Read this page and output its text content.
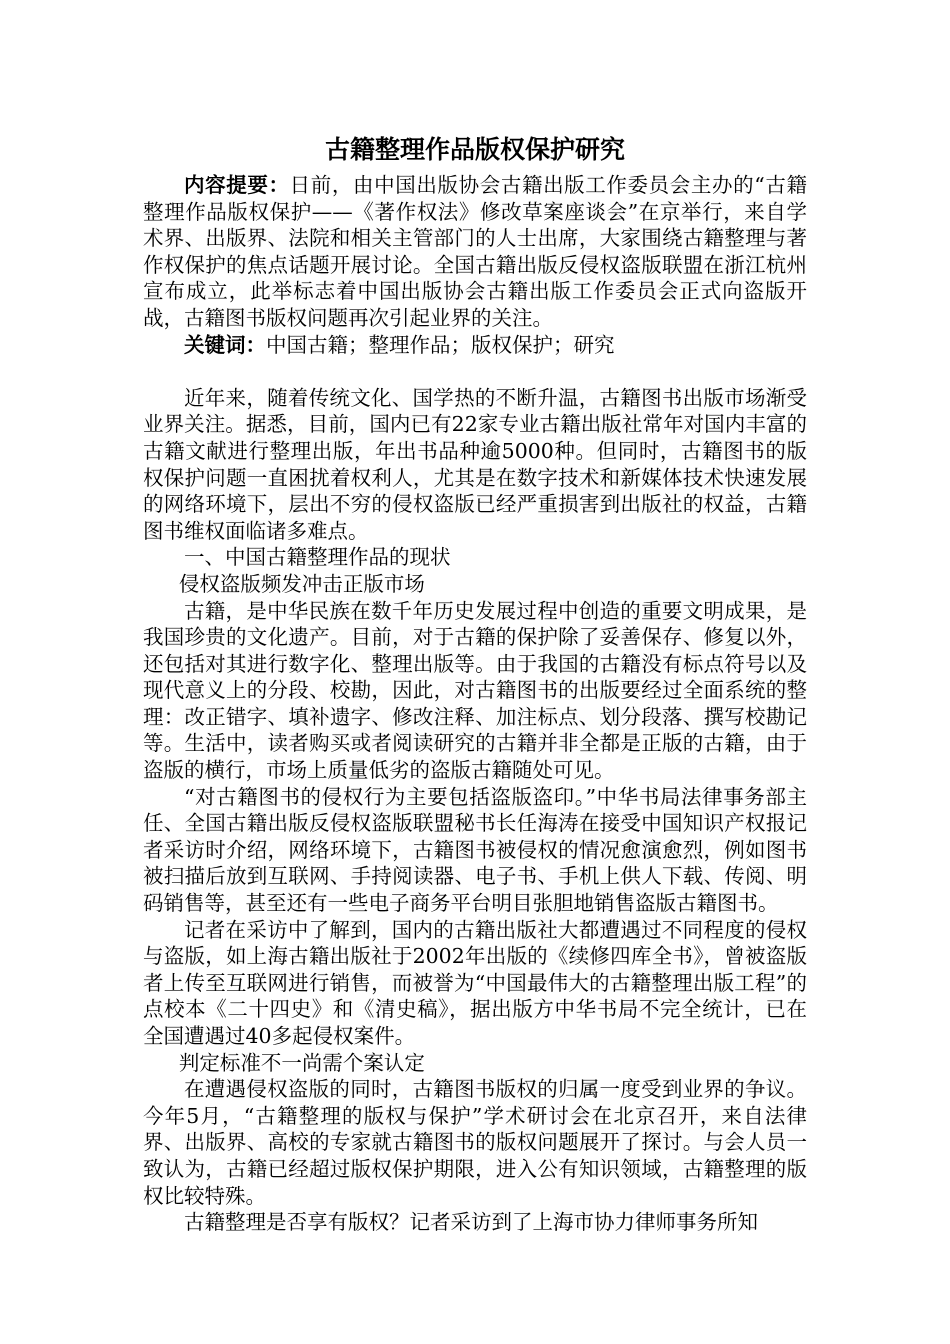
古籍整理作品版权保护研究

内容提要：日前，由中国出版协会古籍出版工作委员会主办的“古籍整理作品版权保护——《著作权法》修改草案座谈会”在京举行，来自学术界、出版界、法院和相关主管部门的人士出席，大家围绕古籍整理与著作权保护的焦点话题开展讨论。全国古籍出版反侵权盗版联盟在浙江杭州宣布成立，此举标志着中国出版协会古籍出版工作委员会正式向盗版开战，古籍图书版权问题再次引起业界的关注。

关键词：中国古籍；整理作品；版权保护；研究

近年来，随着传统文化、国学热的不断升温，古籍图书出版市场渐受业界关注。据悉，目前，国内已有22家专业古籍出版社常年对国内丰富的古籍文献进行整理出版，年出书品种逾5000种。但同时，古籍图书的版权保护问题一直困扰着权利人，尤其是在数字技术和新媒体技术快速发展的网络环境下，层出不穷的侵权盗版已经严重损害到出版社的权益，古籍图书维权面临诸多难点。

一、中国古籍整理作品的现状

侵权盗版频发冲击正版市场

古籍，是中华民族在数千年历史发展过程中创造的重要文明成果，是我国珍贵的文化遗产。目前，对于古籍的保护除了妥善保存、修复以外，还包括对其进行数字化、整理出版等。由于我国的古籍没有标点符号以及现代意义上的分段、校勘，因此，对古籍图书的出版要经过全面系统的整理：改正错字、填补遗字、修改注释、加注标点、划分段落、撰写校勘记等。生活中，读者购买或者阅读研究的古籍并非全都是正版的古籍，由于盗版的横行，市场上质量低劣的盗版古籍随处可见。

“对古籍图书的侵权行为主要包括盗版盗印。”中华书局法律事务部主任、全国古籍出版反侵权盗版联盟秘书长任海涛在接受中国知识产权报记者采访时介绍，网络环境下，古籍图书被侵权的情况愈演愈烈，例如图书被扫描后放到互联网、手持阅读器、电子书、手机上供人下载、传阅、明码销售等，甚至还有一些电子商务平台明目张胆地销售盗版古籍图书。

记者在采访中了解到，国内的古籍出版社大都遭遇过不同程度的侵权与盗版，如上海古籍出版社于2002年出版的《续修四库全书》，曾被盗版者上传至互联网进行销售，而被誉为“中国最伟大的古籍整理出版工程”的点校本《二十四史》和《清史稿》，据出版方中华书局不完全统计，已在全国遭遇过40多起侵权案件。

判定标准不一尚需个案认定

在遭遇侵权盗版的同时，古籍图书版权的归属一度受到业界的争议。今年5月，“古籍整理的版权与保护”学术研讨会在北京召开，来自法律界、出版界、高校的专家就古籍图书的版权问题展开了探讨。与会人员一致认为，古籍已经超过版权保护期限，进入公有知识领域，古籍整理的版权比较特殊。

古籍整理是否享有版权？记者采访到了上海市协力律师事务所知
